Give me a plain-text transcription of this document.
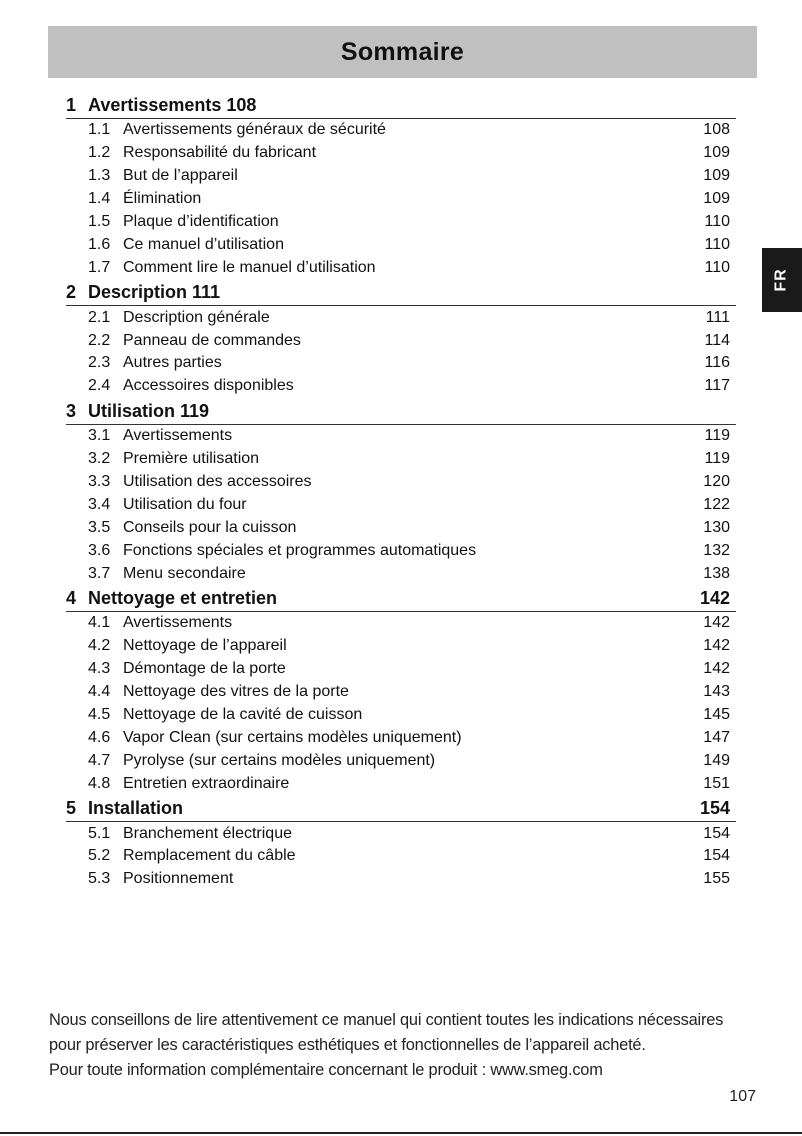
Sommaire
FR
1 Avertissements 108
1.1 Avertissements généraux de sécurité	108
1.2 Responsabilité du fabricant	109
1.3 But de l’appareil	109
1.4 Élimination	109
1.5 Plaque d’identification	110
1.6 Ce manuel d’utilisation	110
1.7 Comment lire le manuel d’utilisation	110
2 Description 111
2.1 Description générale	111
2.2 Panneau de commandes	114
2.3 Autres parties	116
2.4 Accessoires disponibles	117
3 Utilisation 119
3.1 Avertissements	119
3.2 Première utilisation	119
3.3 Utilisation des accessoires	120
3.4 Utilisation du four	122
3.5 Conseils pour la cuisson	130
3.6 Fonctions spéciales et programmes automatiques	132
3.7 Menu secondaire	138
4 Nettoyage et entretien	142
4.1 Avertissements	142
4.2 Nettoyage de l’appareil	142
4.3 Démontage de la porte	142
4.4 Nettoyage des vitres de la porte	143
4.5 Nettoyage de la cavité de cuisson	145
4.6 Vapor Clean (sur certains modèles uniquement)	147
4.7 Pyrolyse (sur certains modèles uniquement)	149
4.8 Entretien extraordinaire	151
5 Installation	154
5.1 Branchement électrique	154
5.2 Remplacement du câble	154
5.3 Positionnement	155
Nous conseillons de lire attentivement ce manuel qui contient toutes les indications nécessaires
pour préserver les caractéristiques esthétiques et fonctionnelles de l’appareil acheté.
Pour toute information complémentaire concernant le produit : www.smeg.com
107
